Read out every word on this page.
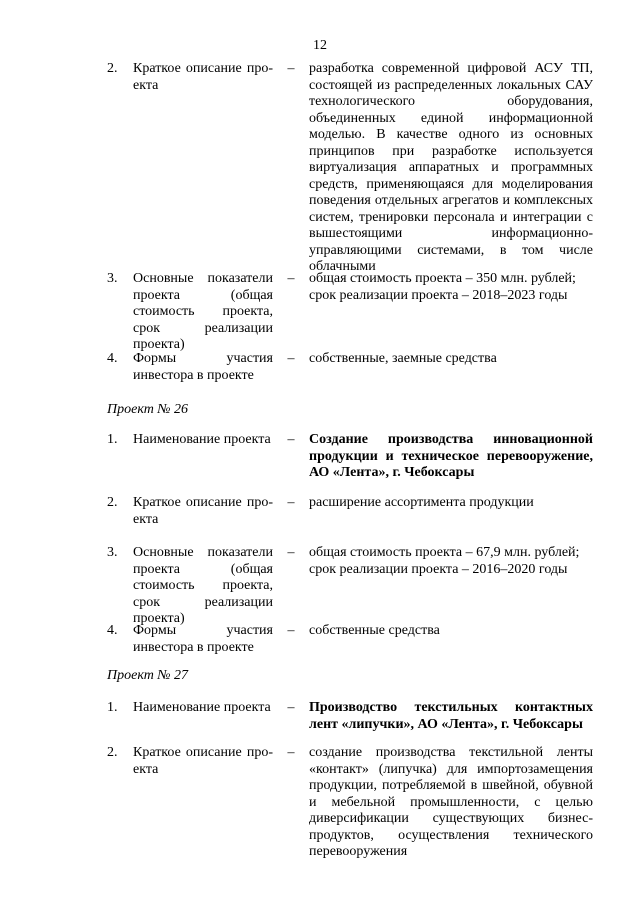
12
2.	Краткое описание про-екта
– разработка современной цифровой АСУ ТП, состоящей из распределенных локальных САУ технологического оборудования, объединенных единой информационной моделью. В качестве одного из основных принципов при разработке используется виртуализация аппаратных и программных средств, применяющаяся для моделирования поведения отдельных агрегатов и комплексных систем, тренировки персонала и интеграции с вышестоящими информационно-управляющими системами, в том числе облачными
3.	Основные показатели проекта (общая стоимость проекта, срок реализации проекта)
– общая стоимость проекта – 350 млн. рублей;
срок реализации проекта – 2018–2023 годы
4.	Формы участия инвестора в проекте
– собственные, заемные средства
Проект № 26
1.	Наименование проекта – Создание производства инновационной продукции и техническое перевооружение, АО «Лента», г. Чебоксары
2.	Краткое описание про-екта
– расширение ассортимента продукции
3.	Основные показатели проекта (общая стоимость проекта, срок реализации проекта)
– общая стоимость проекта – 67,9 млн. рублей;
срок реализации проекта – 2016–2020 годы
4.	Формы участия инвестора в проекте
– собственные средства
Проект № 27
1.	Наименование проекта – Производство текстильных контактных лент «липучки», АО «Лента», г. Чебоксары
2.	Краткое описание про-екта
– создание производства текстильной ленты «контакт» (липучка) для импортозамещения продукции, потребляемой в швейной, обувной и мебельной промышленности, с целью диверсификации существующих бизнес-продуктов, осуществления технического перевооружения
